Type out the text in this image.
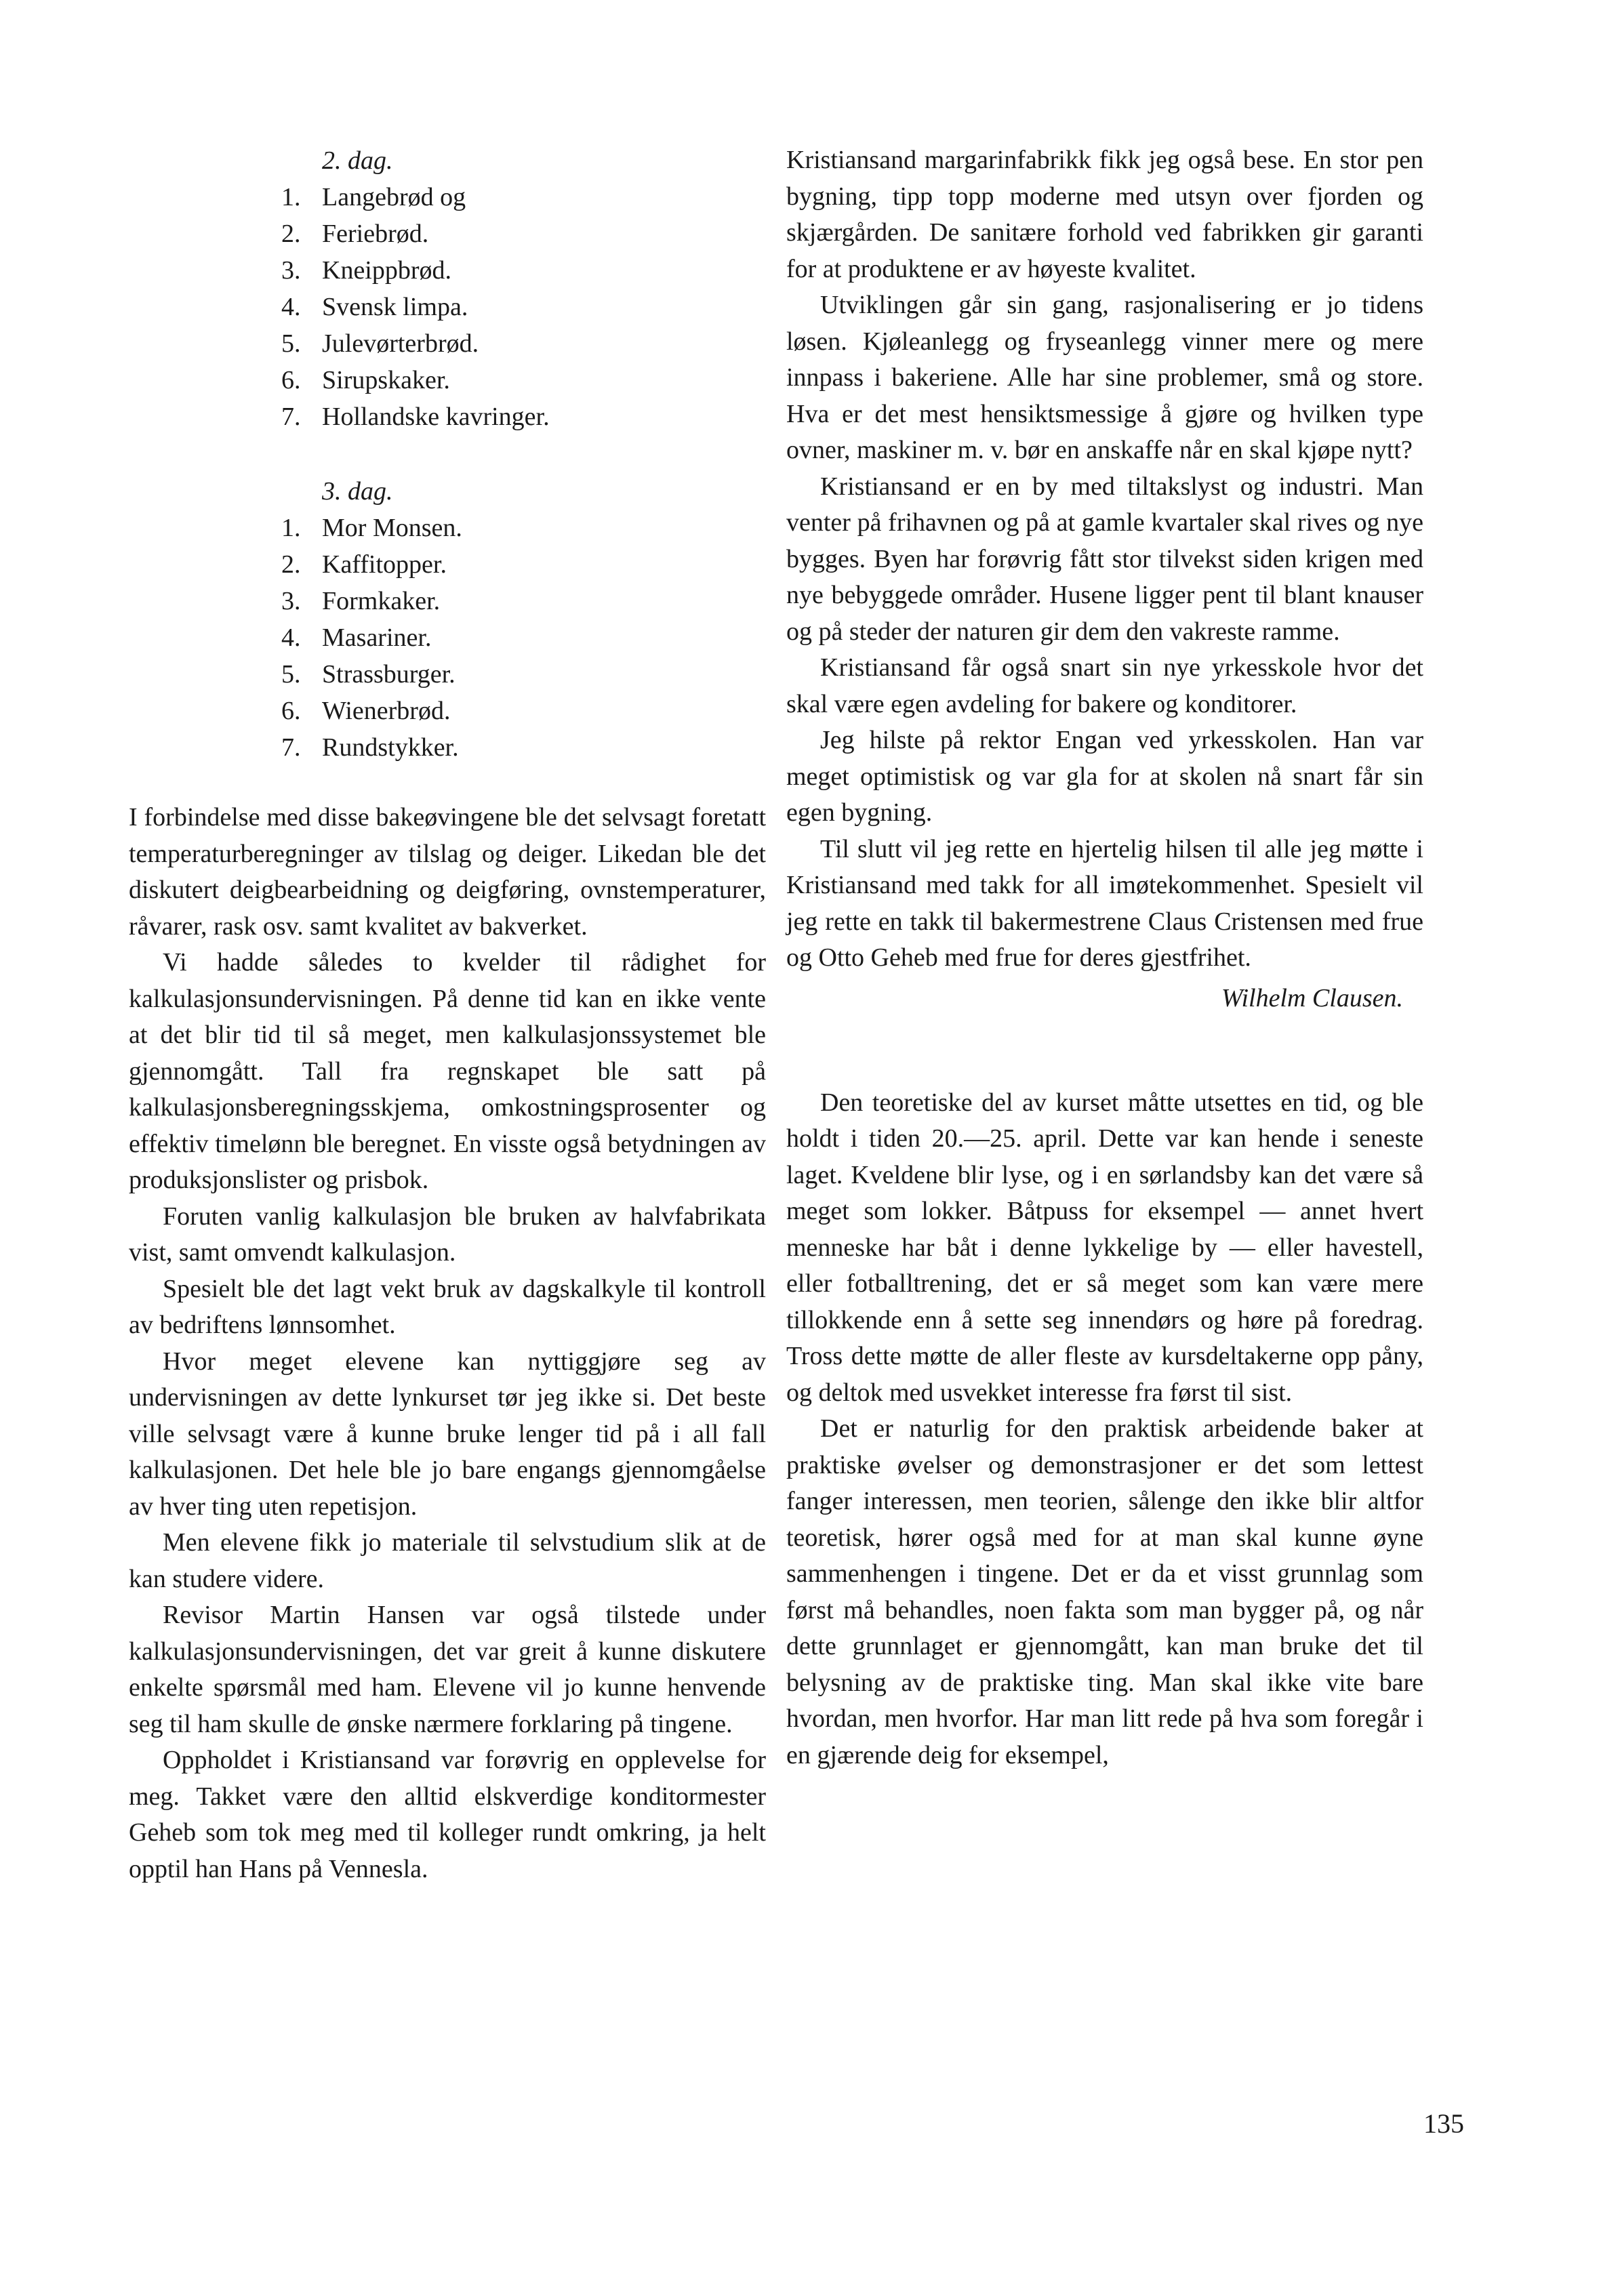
2. dag.
1. Langebrød og
2. Feriebrød.
3. Kneippbrød.
4. Svensk limpa.
5. Julevørterbrød.
6. Sirupskaker.
7. Hollandske kavringer.
3. dag.
1. Mor Monsen.
2. Kaffitopper.
3. Formkaker.
4. Masariner.
5. Strassburger.
6. Wienerbrød.
7. Rundstykker.

I forbindelse med disse bakeøvingene ble det selvsagt foretatt temperaturberegninger av tilslag og deiger. Likedan ble det diskutert deigbearbeidning og deigføring, ovnstemperaturer, råvarer, rask osv. samt kvalitet av bakverket.

Vi hadde således to kvelder til rådighet for kalkulasjonsundervisningen. På denne tid kan en ikke vente at det blir tid til så meget, men kalkulasjonssystemet ble gjennomgått. Tall fra regnskapet ble satt på kalkulasjonsberegningsskjema, omkostningsprosenter og effektiv timelønn ble beregnet. En visste også betydningen av produksjonslister og prisbok.

Foruten vanlig kalkulasjon ble bruken av halvfabrikata vist, samt omvendt kalkulasjon.

Spesielt ble det lagt vekt bruk av dagskalkyle til kontroll av bedriftens lønnsomhet.

Hvor meget elevene kan nyttiggjøre seg av undervisningen av dette lynkurset tør jeg ikke si. Det beste ville selvsagt være å kunne bruke lenger tid på i all fall kalkulasjonen. Det hele ble jo bare engangs gjennomgåelse av hver ting uten repetisjon.

Men elevene fikk jo materiale til selvstudium slik at de kan studere videre.

Revisor Martin Hansen var også tilstede under kalkulasjonsundervisningen, det var greit å kunne diskutere enkelte spørsmål med ham. Elevene vil jo kunne henvende seg til ham skulle de ønske nærmere forklaring på tingene.

Oppholdet i Kristiansand var forøvrig en opplevelse for meg. Takket være den alltid elskverdige konditormester Geheb som tok meg med til kolleger rundt omkring, ja helt opptil han Hans på Vennesla.

Kristiansand margarinfabrikk fikk jeg også bese. En stor pen bygning, tipp topp moderne med utsyn over fjorden og skjærgården. De sanitære forhold ved fabrikken gir garanti for at produktene er av høyeste kvalitet.

Utviklingen går sin gang, rasjonalisering er jo tidens løsen. Kjøleanlegg og fryseanlegg vinner mere og mere innpass i bakeriene. Alle har sine problemer, små og store. Hva er det mest hensiktsmessige å gjøre og hvilken type ovner, maskiner m. v. bør en anskaffe når en skal kjøpe nytt?

Kristiansand er en by med tiltakslyst og industri. Man venter på frihavnen og på at gamle kvartaler skal rives og nye bygges. Byen har forøvrig fått stor tilvekst siden krigen med nye bebyggede områder. Husene ligger pent til blant knauser og på steder der naturen gir dem den vakreste ramme.

Kristiansand får også snart sin nye yrkesskole hvor det skal være egen avdeling for bakere og konditorer.

Jeg hilste på rektor Engan ved yrkesskolen. Han var meget optimistisk og var gla for at skolen nå snart får sin egen bygning.

Til slutt vil jeg rette en hjertelig hilsen til alle jeg møtte i Kristiansand med takk for all imøtekommenhet. Spesielt vil jeg rette en takk til bakermestrene Claus Cristensen med frue og Otto Geheb med frue for deres gjestfrihet.

Wilhelm Clausen.

Den teoretiske del av kurset måtte utsettes en tid, og ble holdt i tiden 20.—25. april. Dette var kan hende i seneste laget. Kveldene blir lyse, og i en sørlandsby kan det være så meget som lokker. Båtpuss for eksempel — annet hvert menneske har båt i denne lykkelige by — eller havestell, eller fotballtrening, det er så meget som kan være mere tillokkende enn å sette seg innendørs og høre på foredrag. Tross dette møtte de aller fleste av kursdeltakerne opp påny, og deltok med usvekket interesse fra først til sist.

Det er naturlig for den praktisk arbeidende baker at praktiske øvelser og demonstrasjoner er det som lettest fanger interessen, men teorien, sålenge den ikke blir altfor teoretisk, hører også med for at man skal kunne øyne sammenhengen i tingene. Det er da et visst grunnlag som først må behandles, noen fakta som man bygger på, og når dette grunnlaget er gjennomgått, kan man bruke det til belysning av de praktiske ting. Man skal ikke vite bare hvordan, men hvorfor. Har man litt rede på hva som foregår i en gjærende deig for eksempel,

135
